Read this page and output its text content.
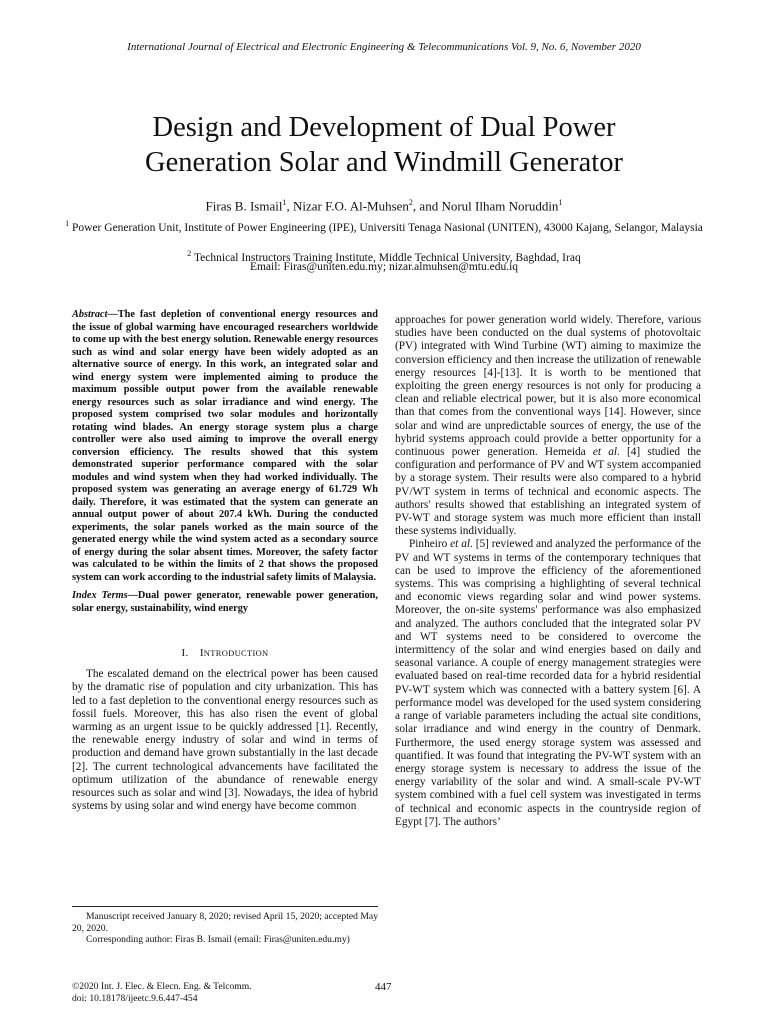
International Journal of Electrical and Electronic Engineering & Telecommunications Vol. 9, No. 6, November 2020
Design and Development of Dual Power
Generation Solar and Windmill Generator
Firas B. Ismail$^1$, Nizar F.O. Al-Muhsen$^2$, and Norul Ilham Noruddin$^1$
$^1$ Power Generation Unit, Institute of Power Engineering (IPE), Universiti Tenaga Nasional (UNITEN), 43000 Kajang, Selangor, Malaysia
$^2$ Technical Instructors Training Institute, Middle Technical University, Baghdad, Iraq
Email: Firas@uniten.edu.my; nizar.almuhsen@mtu.edu.iq

Abstract—The fast depletion of conventional energy resources and the issue of global warming have encouraged researchers worldwide to come up with the best energy solution. Renewable energy resources such as wind and solar energy have been widely adopted as an alternative source of energy. In this work, an integrated solar and wind energy system were implemented aiming to produce the maximum possible output power from the available renewable energy resources such as solar irradiance and wind energy. The proposed system comprised two solar modules and horizontally rotating wind blades. An energy storage system plus a charge controller were also used aiming to improve the overall energy conversion efficiency. The results showed that this system demonstrated superior performance compared with the solar modules and wind system when they had worked individually. The proposed system was generating an average energy of 61.729 Wh daily. Therefore, it was estimated that the system can generate an annual output power of about 207.4 kWh. During the conducted experiments, the solar panels worked as the main source of the generated energy while the wind system acted as a secondary source of energy during the solar absent times. Moreover, the safety factor was calculated to be within the limits of 2 that shows the proposed system can work according to the industrial safety limits of Malaysia.

Index Terms—Dual power generator, renewable power generation, solar energy, sustainability, wind energy

I. INTRODUCTION

The escalated demand on the electrical power has been caused by the dramatic rise of population and city urbanization. This has led to a fast depletion to the conventional energy resources such as fossil fuels. Moreover, this has also risen the event of global warming as an urgent issue to be quickly addressed [1]. Recently, the renewable energy industry of solar and wind in terms of production and demand have grown substantially in the last decade [2]. The current technological advancements have facilitated the optimum utilization of the abundance of renewable energy resources such as solar and wind [3]. Nowadays, the idea of hybrid systems by using solar and wind energy have become common

approaches for power generation world widely. Therefore, various studies have been conducted on the dual systems of photovoltaic (PV) integrated with Wind Turbine (WT) aiming to maximize the conversion efficiency and then increase the utilization of renewable energy resources [4]-[13]. It is worth to be mentioned that exploiting the green energy resources is not only for producing a clean and reliable electrical power, but it is also more economical than that comes from the conventional ways [14]. However, since solar and wind are unpredictable sources of energy, the use of the hybrid systems approach could provide a better opportunity for a continuous power generation. Hemeida et al. [4] studied the configuration and performance of PV and WT system accompanied by a storage system. Their results were also compared to a hybrid PV/WT system in terms of technical and economic aspects. The authors' results showed that establishing an integrated system of PV-WT and storage system was much more efficient than install these systems individually.

Pinheiro et al. [5] reviewed and analyzed the performance of the PV and WT systems in terms of the contemporary techniques that can be used to improve the efficiency of the aforementioned systems. This was comprising a highlighting of several technical and economic views regarding solar and wind power systems. Moreover, the on-site systems' performance was also emphasized and analyzed. The authors concluded that the integrated solar PV and WT systems need to be considered to overcome the intermittency of the solar and wind energies based on daily and seasonal variance. A couple of energy management strategies were evaluated based on real-time recorded data for a hybrid residential PV-WT system which was connected with a battery system [6]. A performance model was developed for the used system considering a range of variable parameters including the actual site conditions, solar irradiance and wind energy in the country of Denmark. Furthermore, the used energy storage system was assessed and quantified. It was found that integrating the PV-WT system with an energy storage system is necessary to address the issue of the energy variability of the solar and wind. A small-scale PV-WT system combined with a fuel cell system was investigated in terms of technical and economic aspects in the countryside region of Egypt [7]. The authors’

Manuscript received January 8, 2020; revised April 15, 2020; accepted May 20, 2020.

Corresponding author: Firas B. Ismail (email: Firas@uniten.edu.my)

©2020 Int. J. Elec. & Elecn. Eng. & Telcomm.
doi: 10.18178/ijeetc.9.6.447-454
447
